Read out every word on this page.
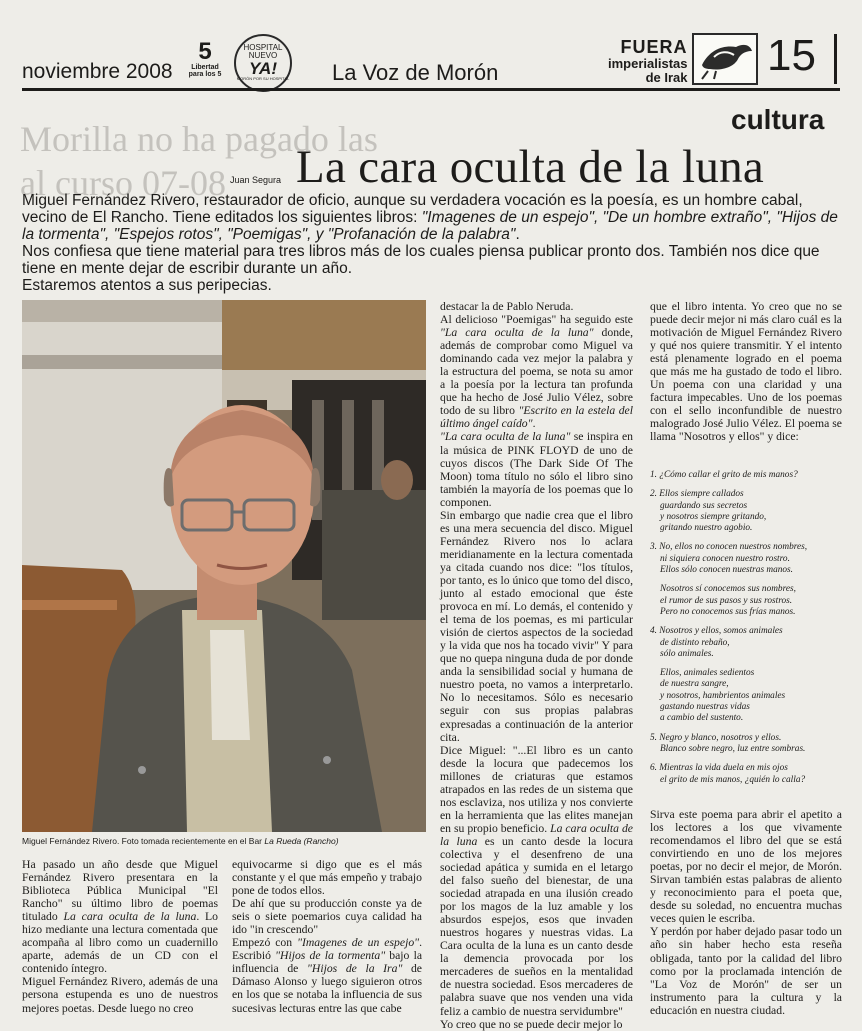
noviembre 2008
5
Libertad para los 5
HOSPITAL
NUEVO
YA!
MORÓN POR SU HOSPITAL La Voz de Morón
FUERA
imperialistas
de Irak 15
Morilla no ha pagado las
al curso 07-08
cultura
Juan Segura La cara oculta de la luna

Miguel Fernández Rivero, restaurador de oficio, aunque su verdadera vocación es la poesía, es un hombre cabal, vecino de El Rancho. Tiene editados los siguientes libros: "Imagenes de un espejo", "De un hombre extraño", "Hijos de la tormenta", "Espejos rotos", "Poemigas", y "Profanación de la palabra".

Nos confiesa que tiene material para tres libros más de los cuales piensa publicar pronto dos. También nos dice que tiene en mente dejar de escribir durante un año.

Estaremos atentos a sus peripecias.

Miguel Fernández Rivero. Foto tomada recientemente en el Bar La Rueda (Rancho)

Ha pasado un año desde que Miguel Fernández Rivero presentara en la Biblioteca Pública Municipal "El Rancho" su último libro de poemas titulado La cara oculta de la luna. Lo hizo mediante una lectura comentada que acompaña al libro como un cuadernillo aparte, además de un CD con el contenido íntegro.

Miguel Fernández Rivero, además de una persona estupenda es uno de nuestros mejores poetas. Desde luego no creo

equivocarme si digo que es el más constante y el que más empeño y trabajo pone de todos ellos.

De ahí que su producción conste ya de seis o siete poemarios cuya calidad ha ido "in crescendo"

Empezó con "Imagenes de un espejo". Escribió "Hijos de la tormenta" bajo la influencia de "Hijos de la Ira" de Dámaso Alonso y luego siguieron otros en los que se notaba la influencia de sus sucesivas lecturas entre las que cabe

destacar la de Pablo Neruda.

Al delicioso "Poemigas" ha seguido este "La cara oculta de la luna" donde, además de comprobar como Miguel va dominando cada vez mejor la palabra y la estructura del poema, se nota su amor a la poesía por la lectura tan profunda que ha hecho de José Julio Vélez, sobre todo de su libro "Escrito en la estela del último ángel caído".

"La cara oculta de la luna" se inspira en la música de PINK FLOYD de uno de cuyos discos (The Dark Side Of The Moon) toma título no sólo el libro sino también la mayoría de los poemas que lo componen.

Sin embargo que nadie crea que el libro es una mera secuencia del disco. Miguel Fernández Rivero nos lo aclara meridianamente en la lectura comentada ya citada cuando nos dice: "los títulos, por tanto, es lo único que tomo del disco, junto al estado emocional que éste provoca en mí. Lo demás, el contenido y el tema de los poemas, es mi particular visión de ciertos aspectos de la sociedad y la vida que nos ha tocado vivir" Y para que no quepa ninguna duda de por donde anda la sensibilidad social y humana de nuestro poeta, no vamos a interpretarlo. No lo necesitamos. Sólo es necesario seguir con sus propias palabras expresadas a continuación de la anterior cita.

Dice Miguel: "...El libro es un canto desde la locura que padecemos los millones de criaturas que estamos atrapados en las redes de un sistema que nos esclaviza, nos utiliza y nos convierte en la herramienta que las elites manejan en su propio beneficio. La cara oculta de la luna es un canto desde la locura colectiva y el desenfreno de una sociedad apática y sumida en el letargo del falso sueño del bienestar, de una sociedad atrapada en una ilusión creado por los magos de la luz amable y los absurdos espejos, esos que invaden nuestros hogares y nuestras vidas. La Cara oculta de la luna es un canto desde la demencia provocada por los mercaderes de sueños en la mentalidad de nuestra sociedad. Esos mercaderes de palabra suave que nos venden una vida feliz a cambio de nuestra servidumbre"

Yo creo que no se puede decir mejor lo

que el libro intenta. Yo creo que no se puede decir mejor ni más claro cuál es la motivación de Miguel Fernández Rivero y qué nos quiere transmitir. Y el intento está plenamente logrado en el poema que más me ha gustado de todo el libro. Un poema con una claridad y una factura impecables. Uno de los poemas con el sello inconfundible de nuestro malogrado José Julio Vélez. El poema se llama "Nosotros y ellos" y dice:

1. ¿Cómo callar el grito de mis manos?
2. Ellos siempre callados
guardando sus secretos
y nosotros siempre gritando,
gritando nuestro agobio.
3. No, ellos no conocen nuestros nombres,
ni siquiera conocen nuestro rostro.
Ellos sólo conocen nuestras manos.
Nosotros sí conocemos sus nombres,
el rumor de sus pasos y sus rostros.
Pero no conocemos sus frías manos.
4. Nosotros y ellos, somos animales
de distinto rebaño,
sólo animales.
Ellos, animales sedientos
de nuestra sangre,
y nosotros, hambrientos animales
gastando nuestras vidas
a cambio del sustento.
5. Negro y blanco, nosotros y ellos.
Blanco sobre negro, luz entre sombras.
6. Mientras la vida duela en mis ojos
el grito de mis manos, ¿quién lo calla?

Sirva este poema para abrir el apetito a los lectores a los que vivamente recomendamos el libro del que se está convirtiendo en uno de los mejores poetas, por no decir el mejor, de Morón. Sirvan también estas palabras de aliento y reconocimiento para el poeta que, desde su soledad, no encuentra muchas veces quien le escriba.

Y perdón por haber dejado pasar todo un año sin haber hecho esta reseña obligada, tanto por la calidad del libro como por la proclamada intención de "La Voz de Morón" de ser un instrumento para la cultura y la educación en nuestra ciudad.
